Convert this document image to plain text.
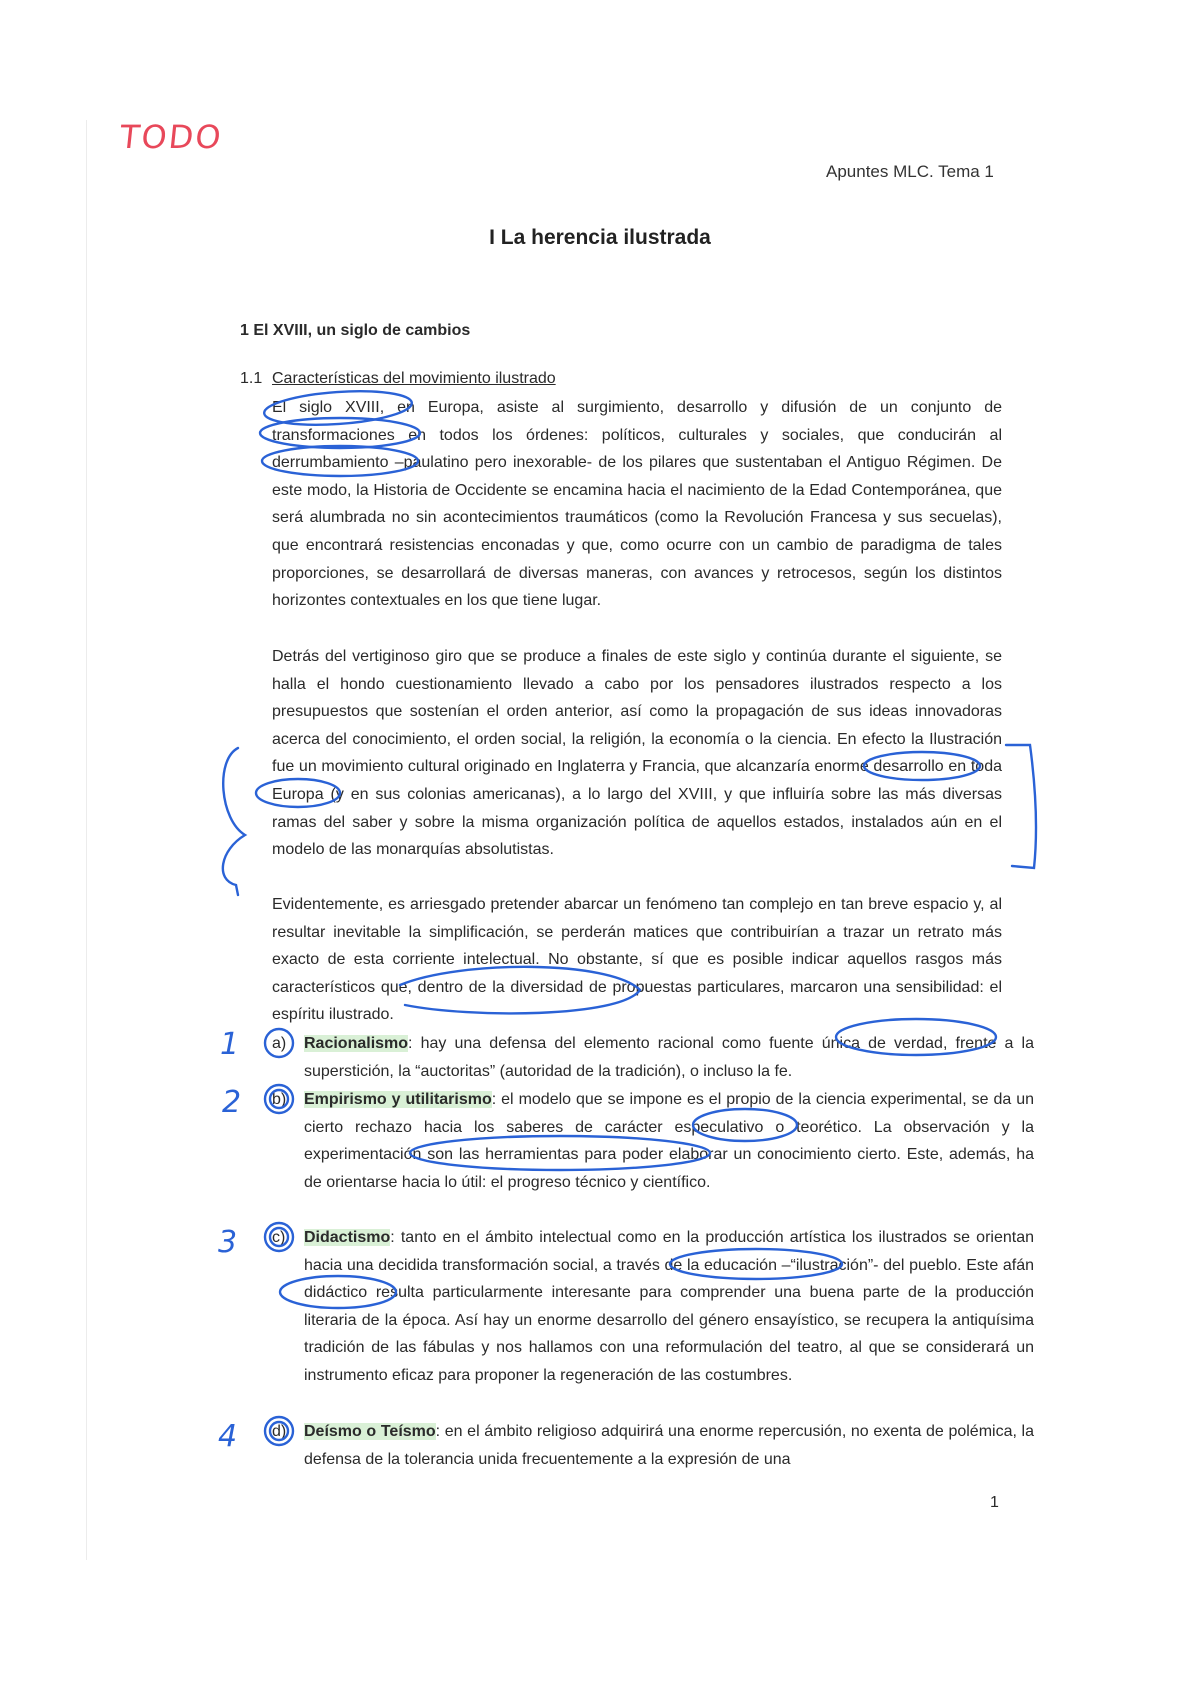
TODO
Apuntes MLC. Tema 1
I La herencia ilustrada
1 El XVIII, un siglo de cambios
1.1 Características del movimiento ilustrado
El siglo XVIII, en Europa, asiste al surgimiento, desarrollo y difusión de un conjunto de transformaciones en todos los órdenes: políticos, culturales y sociales, que conducirán al derrumbamiento –paulatino pero inexorable- de los pilares que sustentaban el Antiguo Régimen. De este modo, la Historia de Occidente se encamina hacia el nacimiento de la Edad Contemporánea, que será alumbrada no sin acontecimientos traumáticos (como la Revolución Francesa y sus secuelas), que encontrará resistencias enconadas y que, como ocurre con un cambio de paradigma de tales proporciones, se desarrollará de diversas maneras, con avances y retrocesos, según los distintos horizontes contextuales en los que tiene lugar.
Detrás del vertiginoso giro que se produce a finales de este siglo y continúa durante el siguiente, se halla el hondo cuestionamiento llevado a cabo por los pensadores ilustrados respecto a los presupuestos que sostenían el orden anterior, así como la propagación de sus ideas innovadoras acerca del conocimiento, el orden social, la religión, la economía o la ciencia. En efecto la Ilustración fue un movimiento cultural originado en Inglaterra y Francia, que alcanzaría enorme desarrollo en toda Europa (y en sus colonias americanas), a lo largo del XVIII, y que influiría sobre las más diversas ramas del saber y sobre la misma organización política de aquellos estados, instalados aún en el modelo de las monarquías absolutistas.
Evidentemente, es arriesgado pretender abarcar un fenómeno tan complejo en tan breve espacio y, al resultar inevitable la simplificación, se perderán matices que contribuirían a trazar un retrato más exacto de esta corriente intelectual. No obstante, sí que es posible indicar aquellos rasgos más característicos que, dentro de la diversidad de propuestas particulares, marcaron una sensibilidad: el espíritu ilustrado.
a) Racionalismo: hay una defensa del elemento racional como fuente única de verdad, frente a la superstición, la “auctoritas” (autoridad de la tradición), o incluso la fe.
b) Empirismo y utilitarismo: el modelo que se impone es el propio de la ciencia experimental, se da un cierto rechazo hacia los saberes de carácter especulativo o teorético. La observación y la experimentación son las herramientas para poder elaborar un conocimiento cierto. Este, además, ha de orientarse hacia lo útil: el progreso técnico y científico.
c) Didactismo: tanto en el ámbito intelectual como en la producción artística los ilustrados se orientan hacia una decidida transformación social, a través de la educación –“ilustración”- del pueblo. Este afán didáctico resulta particularmente interesante para comprender una buena parte de la producción literaria de la época. Así hay un enorme desarrollo del género ensayístico, se recupera la antiquísima tradición de las fábulas y nos hallamos con una reformulación del teatro, al que se considerará un instrumento eficaz para proponer la regeneración de las costumbres.
d) Deísmo o Teísmo: en el ámbito religioso adquirirá una enorme repercusión, no exenta de polémica, la defensa de la tolerancia unida frecuentemente a la expresión de una
1
1
2
3
4
